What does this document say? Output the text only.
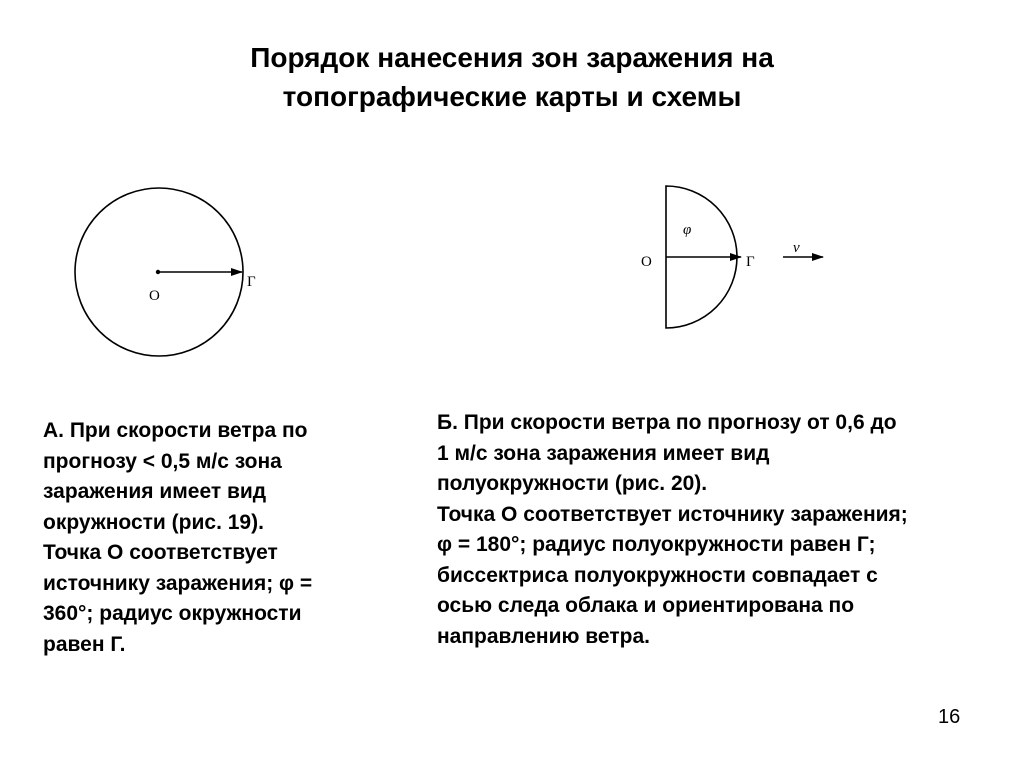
Порядок нанесения зон заражения на
топографические карты и схемы
О
Г
О
φ
Г
v
А. При скорости ветра по
прогнозу < 0,5 м/с зона
заражения имеет вид
окружности (рис. 19).
Точка О соответствует
источнику заражения; φ =
360°; радиус окружности
равен Г.
Б. При скорости ветра по прогнозу от 0,6 до
1 м/с зона заражения имеет вид
полуокружности (рис. 20).
Точка О соответствует источнику заражения;
φ = 180°; радиус полуокружности равен Г;
биссектриса полуокружности совпадает с
осью следа облака и ориентирована по
направлению ветра.
16
